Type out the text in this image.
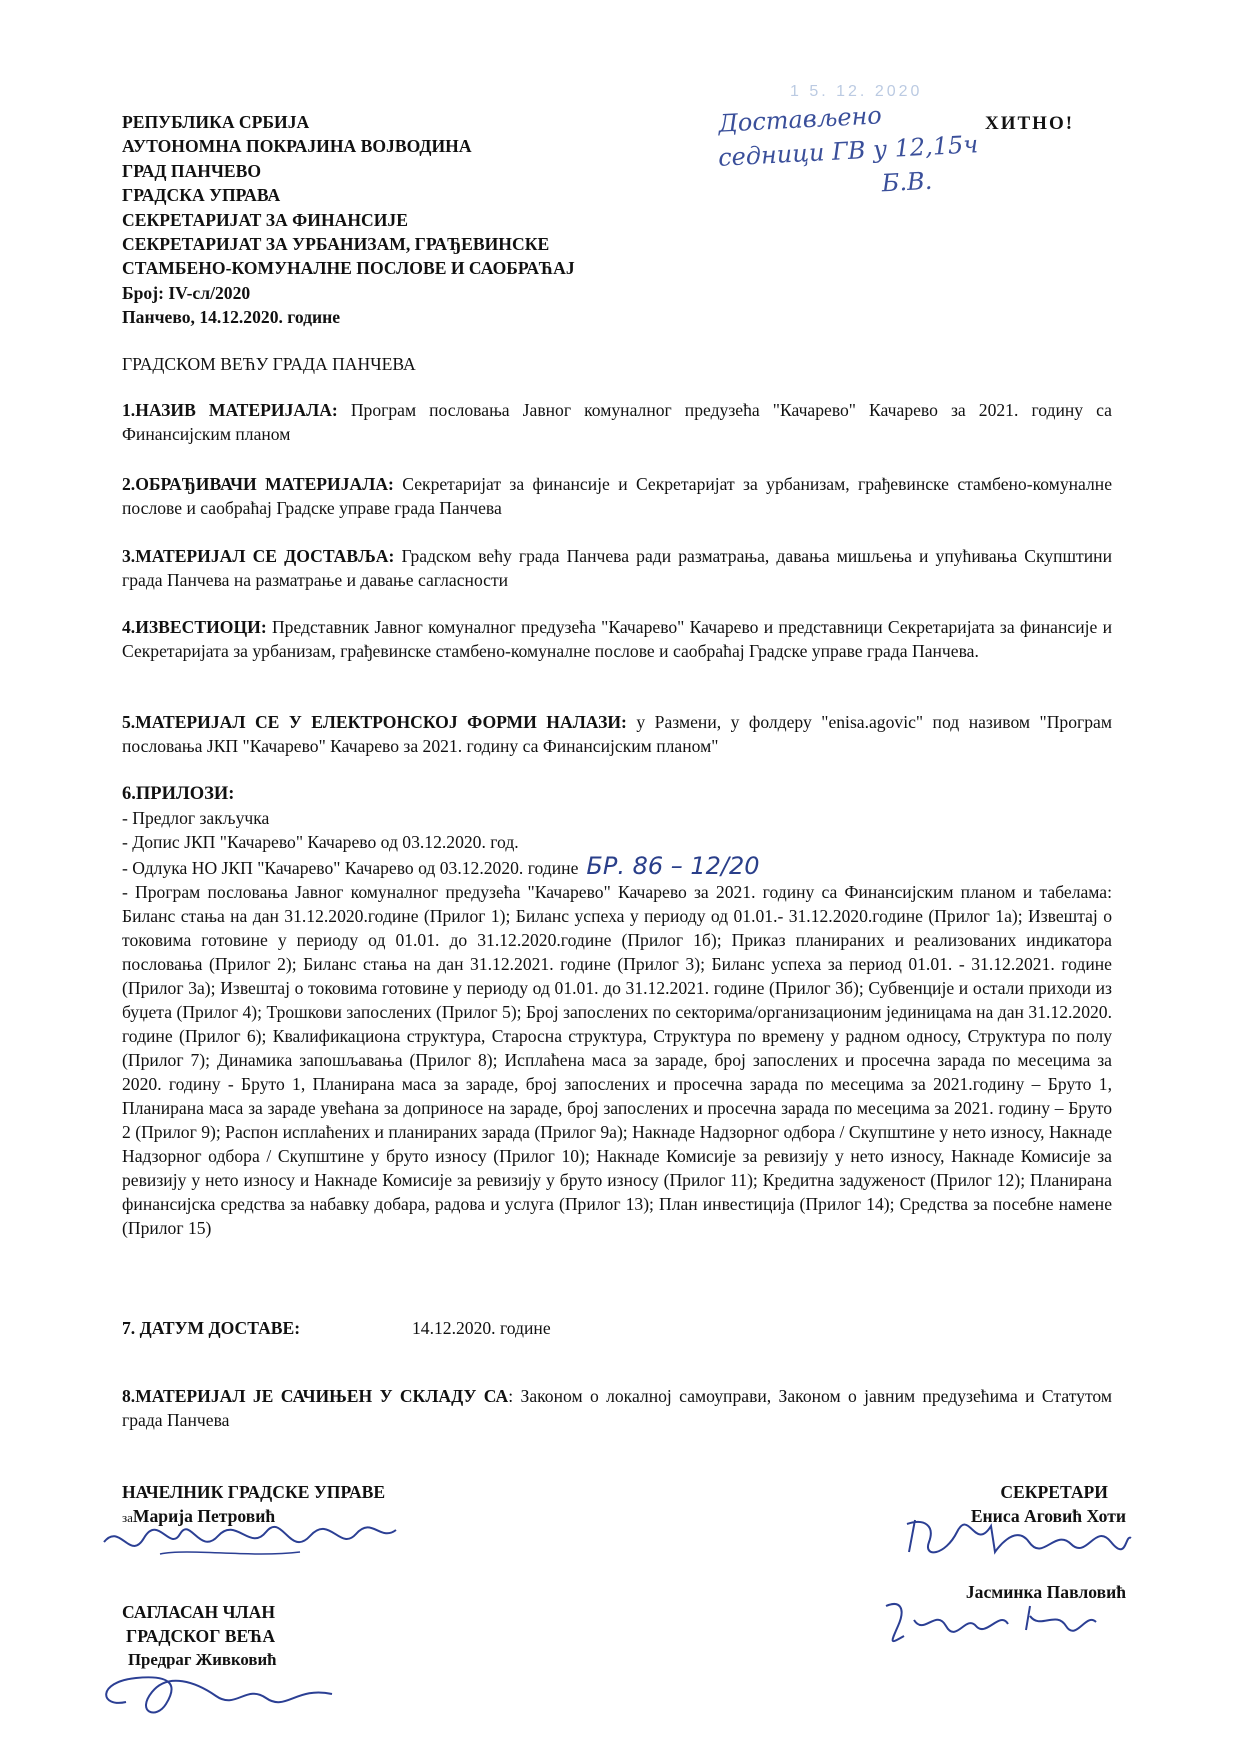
1 5. 12. 2020
Достављено
седници ГВ у 12,15ч
Б.В.
ХИТНО!
РЕПУБЛИКА СРБИЈА
АУТОНОМНА ПОКРАЈИНА ВОЈВОДИНА
ГРАД ПАНЧЕВО
ГРАДСКА УПРАВА
СЕКРЕТАРИЈАТ ЗА ФИНАНСИЈЕ
СЕКРЕТАРИЈАТ ЗА УРБАНИЗАМ, ГРАЂЕВИНСКЕ
СТАМБЕНО-КОМУНАЛНЕ ПОСЛОВЕ И САОБРАЋАЈ
Број: IV-сл/2020
Панчево, 14.12.2020. године
ГРАДСКОМ ВЕЋУ ГРАДА ПАНЧЕВА
1.НАЗИВ МАТЕРИЈАЛА: Програм пословања Јавног комуналног предузећа "Качарево" Качарево за 2021. годину са Финансијским планом
2.ОБРАЂИВАЧИ МАТЕРИЈАЛА: Секретаријат за финансије и Секретаријат за урбанизам, грађевинске стамбено-комуналне послове и саобраћај Градске управе града Панчева
3.МАТЕРИЈАЛ СЕ ДОСТАВЉА: Градском већу града Панчева ради разматрања, давања мишљења и упућивања Скупштини града Панчева на разматрање и давање сагласности
4.ИЗВЕСТИОЦИ: Представник Јавног комуналног предузећа "Качарево" Качарево и представници Секретаријата за финансије и Секретаријата за урбанизам, грађевинске стамбено-комуналне послове и саобраћај Градске управе града Панчева.
5.МАТЕРИЈАЛ СЕ У ЕЛЕКТРОНСКОЈ ФОРМИ НАЛАЗИ: у Размени, у фолдеру "enisa.agovic" под називом "Програм пословања ЈКП "Качарево" Качарево за 2021. годину са Финансијским планом"
6.ПРИЛОЗИ:
- Предлог закључка
- Допис ЈКП "Качарево" Качарево од 03.12.2020. год.
- Одлука НО ЈКП "Качарево" Качарево од 03.12.2020. године БР. 86 – 12/20
- Програм пословања Јавног комуналног предузећа "Качарево" Качарево за 2021. годину са Финансијским планом и табелама: Биланс стања на дан 31.12.2020.године (Прилог 1); Биланс успеха у периоду од 01.01.- 31.12.2020.године (Прилог 1а); Извештај о токовима готовине у периоду од 01.01. до 31.12.2020.године (Прилог 1б); Приказ планираних и реализованих индикатора пословања (Прилог 2); Биланс стања на дан 31.12.2021. године (Прилог 3); Биланс успеха за период 01.01. - 31.12.2021. године (Прилог 3а); Извештај о токовима готовине у периоду од 01.01. до 31.12.2021. године (Прилог 3б); Субвенције и остали приходи из буџета (Прилог 4); Трошкови запослених (Прилог 5); Број запослених по секторима/организационим јединицама на дан 31.12.2020. године (Прилог 6); Квалификациона структура, Старосна структура, Структура по времену у радном односу, Структура по полу (Прилог 7); Динамика запошљавања (Прилог 8); Исплаћена маса за зараде, број запослених и просечна зарада по месецима за 2020. годину - Бруто 1, Планирана маса за зараде, број запослених и просечна зарада по месецима за 2021.годину – Бруто 1, Планирана маса за зараде увећана за доприносе на зараде, број запослених и просечна зарада по месецима за 2021. годину – Бруто 2 (Прилог 9); Распон исплаћених и планираних зарада (Прилог 9а); Накнаде Надзорног одбора / Скупштине у нето износу, Накнаде Надзорног одбора / Скупштине у бруто износу (Прилог 10); Накнаде Комисије за ревизију у нето износу, Накнаде Комисије за ревизију у нето износу и Накнаде Комисије за ревизију у бруто износу (Прилог 11); Кредитна задуженост (Прилог 12); Планирана финансијска средства за набавку добара, радова и услуга (Прилог 13); План инвестиција (Прилог 14); Средства за посебне намене (Прилог 15)
7. ДАТУМ ДОСТАВЕ:	14.12.2020. године
8.МАТЕРИЈАЛ ЈЕ САЧИЊЕН У СКЛАДУ СА: Законом о локалној самоуправи, Законом о јавним предузећима и Статутом града Панчева
НАЧЕЛНИК ГРАДСКЕ УПРАВЕ
заМарија Петровић
СЕКРЕТАРИ
Ениса Аговић Хоти
Јасминка Павловић
САГЛАСАН ЧЛАН
ГРАДСКОГ ВЕЋА
Предраг Живковић
